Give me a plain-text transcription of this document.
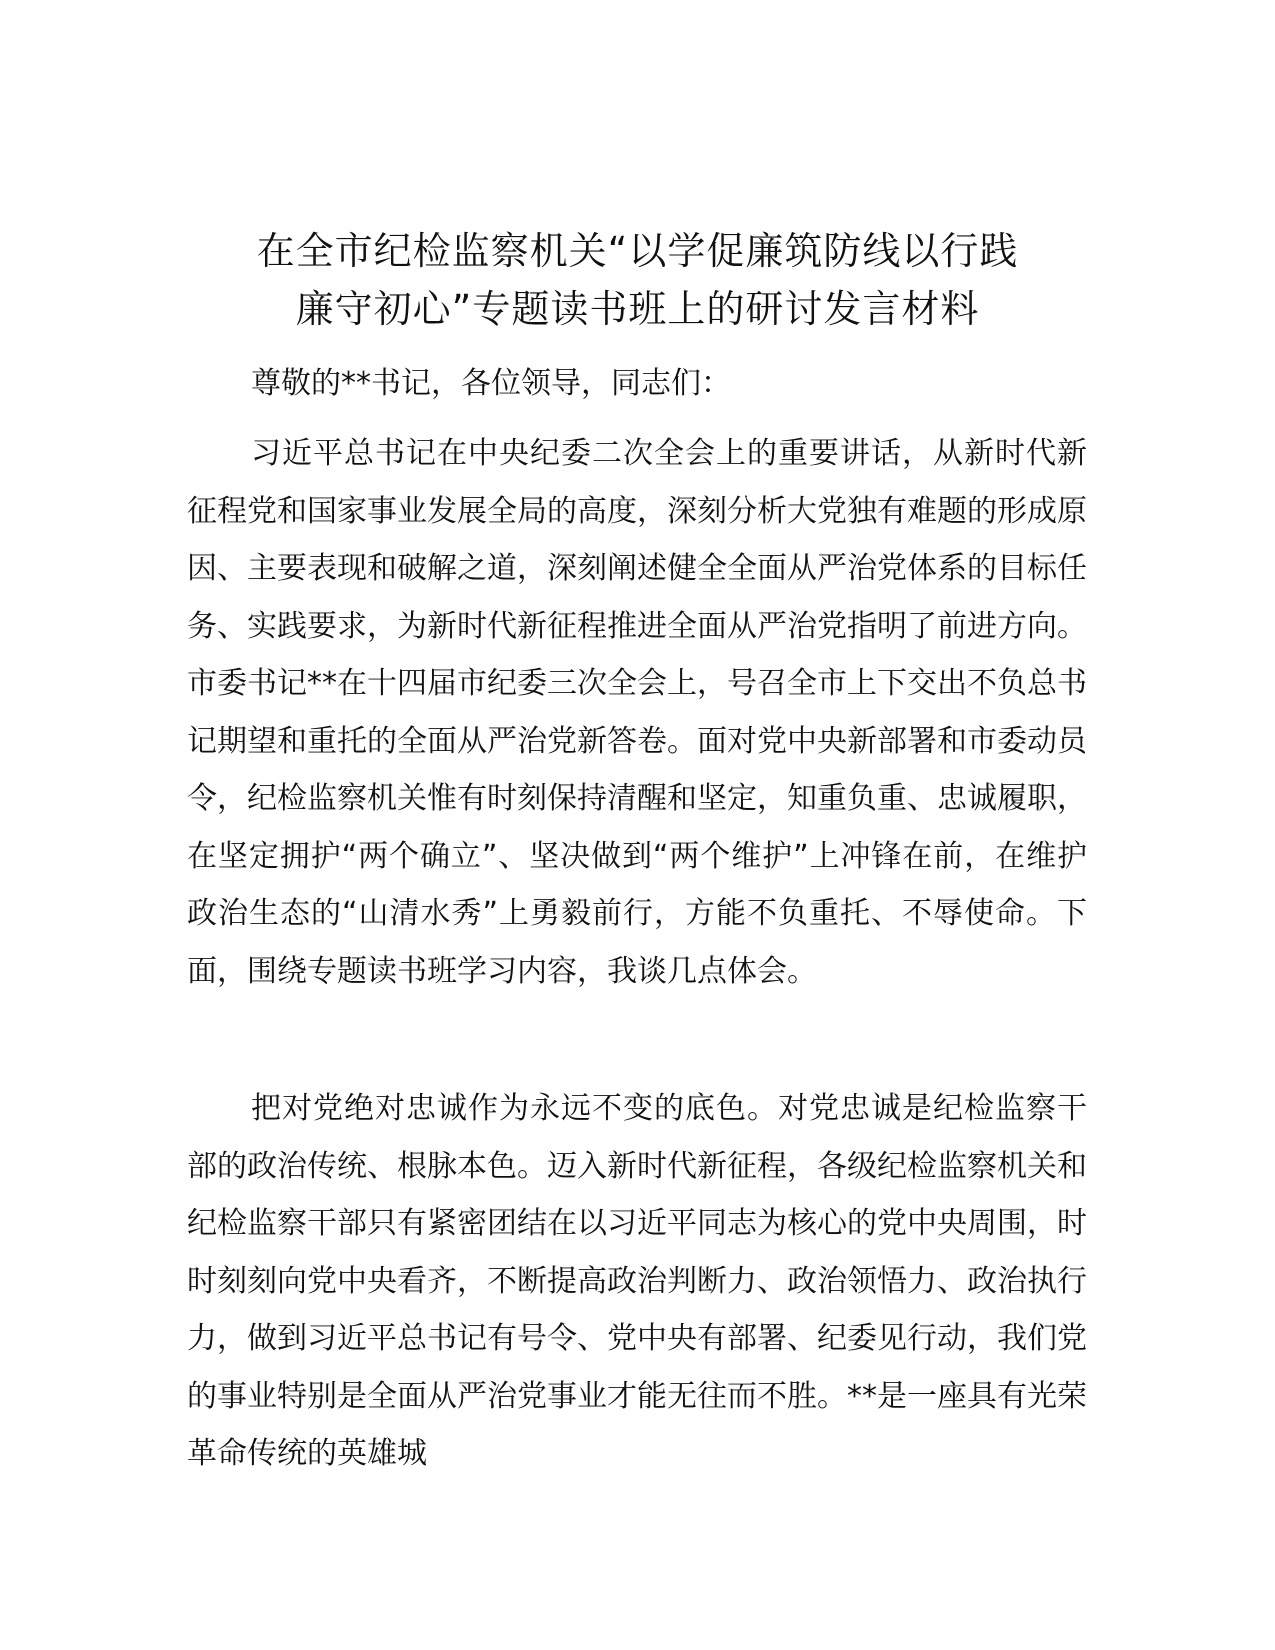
在全市纪检监察机关“以学促廉筑防线以行践
廉守初心”专题读书班上的研讨发言材料

尊敬的**书记，各位领导，同志们：

习近平总书记在中央纪委二次全会上的重要讲话，从新时代新征程党和国家事业发展全局的高度，深刻分析大党独有难题的形成原因、主要表现和破解之道，深刻阐述健全全面从严治党体系的目标任务、实践要求，为新时代新征程推进全面从严治党指明了前进方向。市委书记**在十四届市纪委三次全会上，号召全市上下交出不负总书记期望和重托的全面从严治党新答卷。面对党中央新部署和市委动员令，纪检监察机关惟有时刻保持清醒和坚定，知重负重、忠诚履职，在坚定拥护“两个确立”、坚决做到“两个维护”上冲锋在前，在维护政治生态的“山清水秀”上勇毅前行，方能不负重托、不辱使命。下面，围绕专题读书班学习内容，我谈几点体会。

把对党绝对忠诚作为永远不变的底色。对党忠诚是纪检监察干部的政治传统、根脉本色。迈入新时代新征程，各级纪检监察机关和纪检监察干部只有紧密团结在以习近平同志为核心的党中央周围，时时刻刻向党中央看齐，不断提高政治判断力、政治领悟力、政治执行力，做到习近平总书记有号令、党中央有部署、纪委见行动，我们党的事业特别是全面从严治党事业才能无往而不胜。**是一座具有光荣革命传统的英雄城
